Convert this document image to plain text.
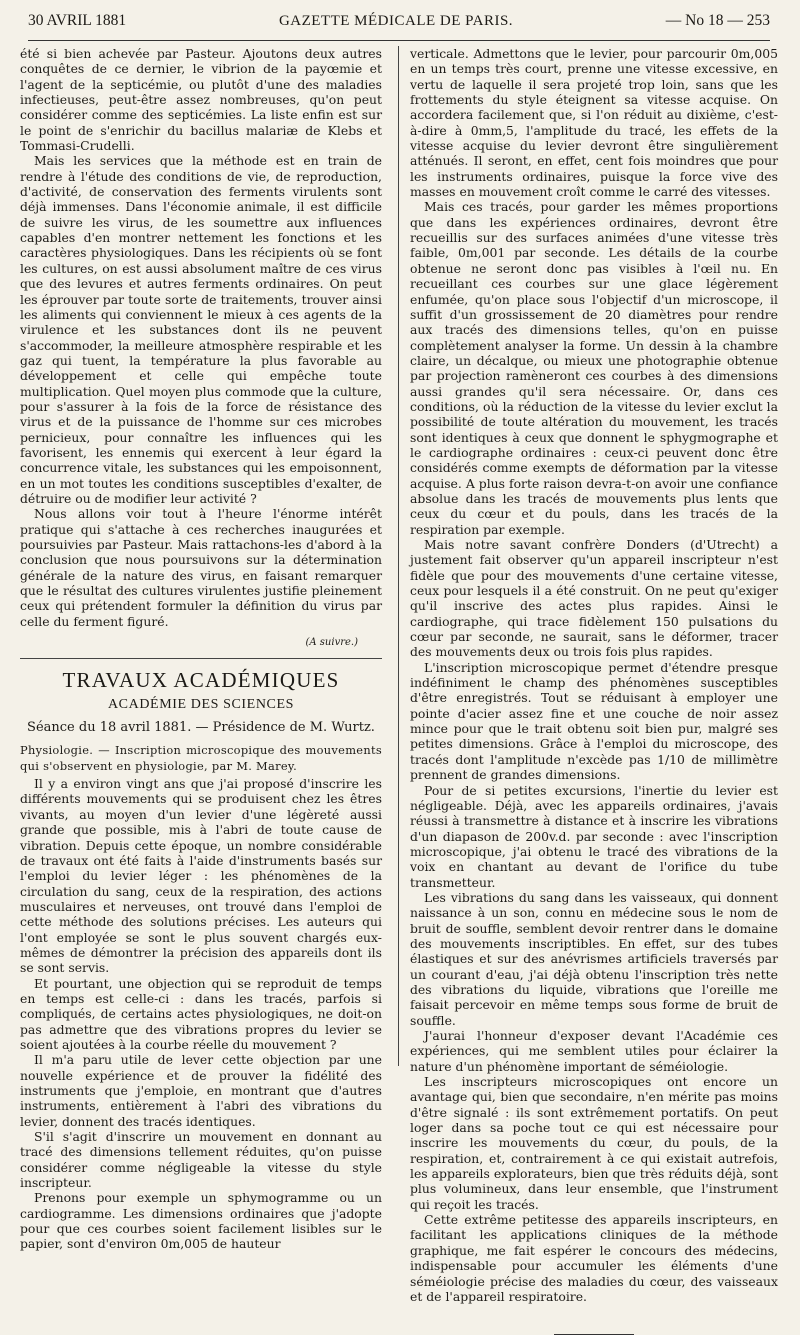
30 AVRIL 1881	GAZETTE MÉDICALE DE PARIS.	— No 18 — 253

été si bien achevée par Pasteur. Ajoutons deux autres conquêtes de ce dernier, le vibrion de la payœmie et l'agent de la septicémie, ou plutôt d'une des maladies infectieuses, peut-être assez nombreuses, qu'on peut considérer comme des septicémies. La liste enfin est sur le point de s'enrichir du bacillus malariæ de Klebs et Tommasi-Crudelli.

Mais les services que la méthode est en train de rendre à l'étude des conditions de vie, de reproduction, d'activité, de conservation des ferments virulents sont déjà immenses. Dans l'économie animale, il est difficile de suivre les virus, de les soumettre aux influences capables d'en montrer nettement les fonctions et les caractères physiologiques. Dans les récipients où se font les cultures, on est aussi absolument maître de ces virus que des levures et autres ferments ordinaires. On peut les éprouver par toute sorte de traitements, trouver ainsi les aliments qui conviennent le mieux à ces agents de la virulence et les substances dont ils ne peuvent s'accommoder, la meilleure atmosphère respirable et les gaz qui tuent, la température la plus favorable au développement et celle qui empêche toute multiplication. Quel moyen plus commode que la culture, pour s'assurer à la fois de la force de résistance des virus et de la puissance de l'homme sur ces microbes pernicieux, pour connaître les influences qui les favorisent, les ennemis qui exercent à leur égard la concurrence vitale, les substances qui les empoisonnent, en un mot toutes les conditions susceptibles d'exalter, de détruire ou de modifier leur activité ?

Nous allons voir tout à l'heure l'énorme intérêt pratique qui s'attache à ces recherches inaugurées et poursuivies par Pasteur. Mais rattachons-les d'abord à la conclusion que nous poursuivons sur la détermination générale de la nature des virus, en faisant remarquer que le résultat des cultures virulentes justifie pleinement ceux qui prétendent formuler la définition du virus par celle du ferment figuré.

(A suivre.)
TRAVAUX ACADÉMIQUES
ACADÉMIE DES SCIENCES
Séance du 18 avril 1881. — Présidence de M. Wurtz.

Physiologie. — Inscription microscopique des mouvements qui s'observent en physiologie, par M. Marey.

Il y a environ vingt ans que j'ai proposé d'inscrire les différents mouvements qui se produisent chez les êtres vivants, au moyen d'un levier d'une légèreté aussi grande que possible, mis à l'abri de toute cause de vibration. Depuis cette époque, un nombre considérable de travaux ont été faits à l'aide d'instruments basés sur l'emploi du levier léger : les phénomènes de la circulation du sang, ceux de la respiration, des actions musculaires et nerveuses, ont trouvé dans l'emploi de cette méthode des solutions précises. Les auteurs qui l'ont employée se sont le plus souvent chargés eux-mêmes de démontrer la précision des appareils dont ils se sont servis.

Et pourtant, une objection qui se reproduit de temps en temps est celle-ci : dans les tracés, parfois si compliqués, de certains actes physiologiques, ne doit-on pas admettre que des vibrations propres du levier se soient ajoutées à la courbe réelle du mouvement ?

Il m'a paru utile de lever cette objection par une nouvelle expérience et de prouver la fidélité des instruments que j'emploie, en montrant que d'autres instruments, entièrement à l'abri des vibrations du levier, donnent des tracés identiques.

S'il s'agit d'inscrire un mouvement en donnant au tracé des dimensions tellement réduites, qu'on puisse considérer comme négligeable la vitesse du style inscripteur.

Prenons pour exemple un sphymogramme ou un cardiogramme. Les dimensions ordinaires que j'adopte pour que ces courbes soient facilement lisibles sur le papier, sont d'environ 0m,005 de hauteur

verticale. Admettons que le levier, pour parcourir 0m,005 en un temps très court, prenne une vitesse excessive, en vertu de laquelle il sera projeté trop loin, sans que les frottements du style éteignent sa vitesse acquise. On accordera facilement que, si l'on réduit au dixième, c'est-à-dire à 0mm,5, l'amplitude du tracé, les effets de la vitesse acquise du levier devront être singulièrement atténués. Il seront, en effet, cent fois moindres que pour les instruments ordinaires, puisque la force vive des masses en mouvement croît comme le carré des vitesses.

Mais ces tracés, pour garder les mêmes proportions que dans les expériences ordinaires, devront être recueillis sur des surfaces animées d'une vitesse très faible, 0m,001 par seconde. Les détails de la courbe obtenue ne seront donc pas visibles à l'œil nu. En recueillant ces courbes sur une glace légèrement enfumée, qu'on place sous l'objectif d'un microscope, il suffit d'un grossissement de 20 diamètres pour rendre aux tracés des dimensions telles, qu'on en puisse complètement analyser la forme. Un dessin à la chambre claire, un décalque, ou mieux une photographie obtenue par projection ramèneront ces courbes à des dimensions aussi grandes qu'il sera nécessaire. Or, dans ces conditions, où la réduction de la vitesse du levier exclut la possibilité de toute altération du mouvement, les tracés sont identiques à ceux que donnent le sphygmographe et le cardiographe ordinaires : ceux-ci peuvent donc être considérés comme exempts de déformation par la vitesse acquise. A plus forte raison devra-t-on avoir une confiance absolue dans les tracés de mouvements plus lents que ceux du cœur et du pouls, dans les tracés de la respiration par exemple.

Mais notre savant confrère Donders (d'Utrecht) a justement fait observer qu'un appareil inscripteur n'est fidèle que pour des mouvements d'une certaine vitesse, ceux pour lesquels il a été construit. On ne peut qu'exiger qu'il inscrive des actes plus rapides. Ainsi le cardiographe, qui trace fidèlement 150 pulsations du cœur par seconde, ne saurait, sans le déformer, tracer des mouvements deux ou trois fois plus rapides.

L'inscription microscopique permet d'étendre presque indéfiniment le champ des phénomènes susceptibles d'être enregistrés. Tout se réduisant à employer une pointe d'acier assez fine et une couche de noir assez mince pour que le trait obtenu soit bien pur, malgré ses petites dimensions. Grâce à l'emploi du microscope, des tracés dont l'amplitude n'excède pas 1/10 de millimètre prennent de grandes dimensions.

Pour de si petites excursions, l'inertie du levier est négligeable. Déjà, avec les appareils ordinaires, j'avais réussi à transmettre à distance et à inscrire les vibrations d'un diapason de 200v.d. par seconde : avec l'inscription microscopique, j'ai obtenu le tracé des vibrations de la voix en chantant au devant de l'orifice du tube transmetteur.

Les vibrations du sang dans les vaisseaux, qui donnent naissance à un son, connu en médecine sous le nom de bruit de souffle, semblent devoir rentrer dans le domaine des mouvements inscriptibles. En effet, sur des tubes élastiques et sur des anévrismes artificiels traversés par un courant d'eau, j'ai déjà obtenu l'inscription très nette des vibrations du liquide, vibrations que l'oreille me faisait percevoir en même temps sous forme de bruit de souffle.

J'aurai l'honneur d'exposer devant l'Académie ces expériences, qui me semblent utiles pour éclairer la nature d'un phénomène important de séméiologie.

Les inscripteurs microscopiques ont encore un avantage qui, bien que secondaire, n'en mérite pas moins d'être signalé : ils sont extrêmement portatifs. On peut loger dans sa poche tout ce qui est nécessaire pour inscrire les mouvements du cœur, du pouls, de la respiration, et, contrairement à ce qui existait autrefois, les appareils explorateurs, bien que très réduits déjà, sont plus volumineux, dans leur ensemble, que l'instrument qui reçoit les tracés.

Cette extrême petitesse des appareils inscripteurs, en facilitant les applications cliniques de la méthode graphique, me fait espérer le concours des médecins, indispensable pour accumuler les éléments d'une séméiologie précise des maladies du cœur, des vaisseaux et de l'appareil respiratoire.
